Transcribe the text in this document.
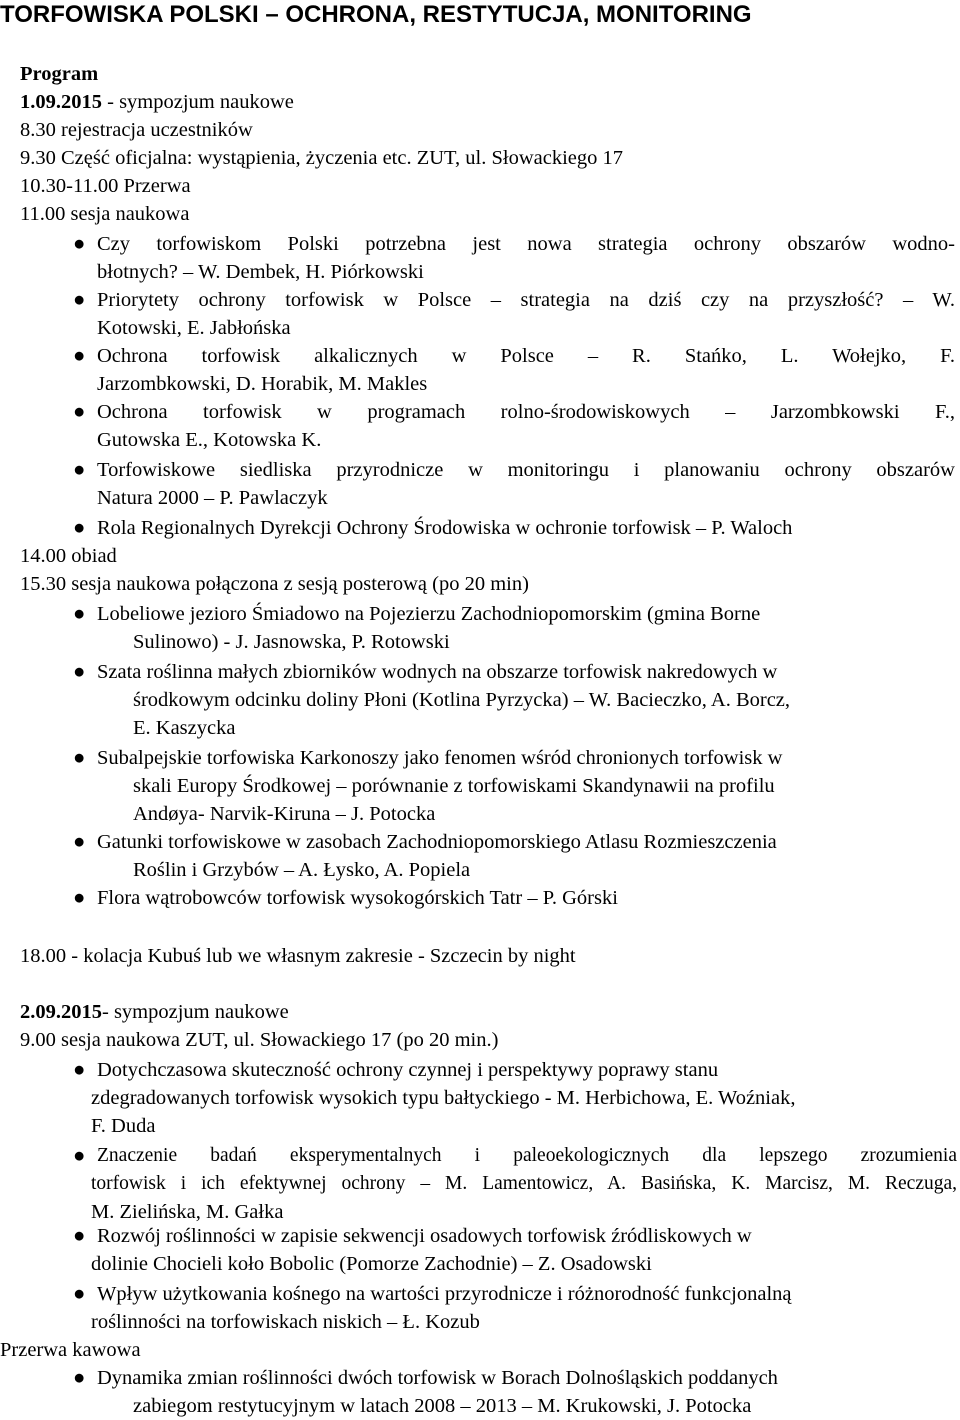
TORFOWISKA POLSKI – OCHRONA, RESTYTUCJA, MONITORING
Program
1.09.2015 - sympozjum naukowe
8.30 rejestracja uczestników
9.30 Część oficjalna: wystąpienia, życzenia etc. ZUT, ul. Słowackiego 17
10.30-11.00 Przerwa
11.00 sesja naukowa
● Czy torfowiskom Polski potrzebna jest nowa strategia ochrony obszarów wodno-
błotnych? – W. Dembek, H. Piórkowski
● Priorytety ochrony torfowisk w Polsce – strategia na dziś czy na przyszłość? – W.
Kotowski, E. Jabłońska
● Ochrona torfowisk alkalicznych w Polsce – R. Stańko, L. Wołejko, F.
Jarzombkowski, D. Horabik, M. Makles
● Ochrona torfowisk w programach rolno-środowiskowych – Jarzombkowski F.,
Gutowska E., Kotowska K.
● Torfowiskowe siedliska przyrodnicze w monitoringu i planowaniu ochrony obszarów
Natura 2000 – P. Pawlaczyk
● Rola Regionalnych Dyrekcji Ochrony Środowiska w ochronie torfowisk – P. Waloch
14.00 obiad
15.30 sesja naukowa połączona z sesją posterową (po 20 min)
● Lobeliowe jezioro Śmiadowo na Pojezierzu Zachodniopomorskim (gmina Borne
Sulinowo) - J. Jasnowska, P. Rotowski
● Szata roślinna małych zbiorników wodnych na obszarze torfowisk nakredowych w
środkowym odcinku doliny Płoni (Kotlina Pyrzycka) – W. Bacieczko, A. Borcz,
E. Kaszycka
● Subalpejskie torfowiska Karkonoszy jako fenomen wśród chronionych torfowisk w
skali Europy Środkowej – porównanie z torfowiskami Skandynawii na profilu
Andøya- Narvik-Kiruna – J. Potocka
● Gatunki torfowiskowe w zasobach Zachodniopomorskiego Atlasu Rozmieszczenia
Roślin i Grzybów – A. Łysko, A. Popiela
● Flora wątrobowców torfowisk wysokogórskich Tatr – P. Górski
18.00 - kolacja Kubuś lub we własnym zakresie - Szczecin by night
2.09.2015- sympozjum naukowe
9.00 sesja naukowa ZUT, ul. Słowackiego 17 (po 20 min.)
● Dotychczasowa skuteczność ochrony czynnej i perspektywy poprawy stanu
zdegradowanych torfowisk wysokich typu bałtyckiego - M. Herbichowa, E. Woźniak,
F. Duda
● Znaczenie badań eksperymentalnych i paleoekologicznych dla lepszego zrozumienia
torfowisk i ich efektywnej ochrony – M. Lamentowicz, A. Basińska, K. Marcisz, M. Reczuga,
M. Zielińska, M. Gałka
● Rozwój roślinności w zapisie sekwencji osadowych torfowisk źródliskowych w
dolinie Chocieli koło Bobolic (Pomorze Zachodnie) – Z. Osadowski
● Wpływ użytkowania kośnego na wartości przyrodnicze i różnorodność funkcjonalną
roślinności na torfowiskach niskich – Ł. Kozub
Przerwa kawowa
● Dynamika zmian roślinności dwóch torfowisk w Borach Dolnośląskich poddanych
zabiegom restytucyjnym w latach 2008 – 2013 – M. Krukowski, J. Potocka
